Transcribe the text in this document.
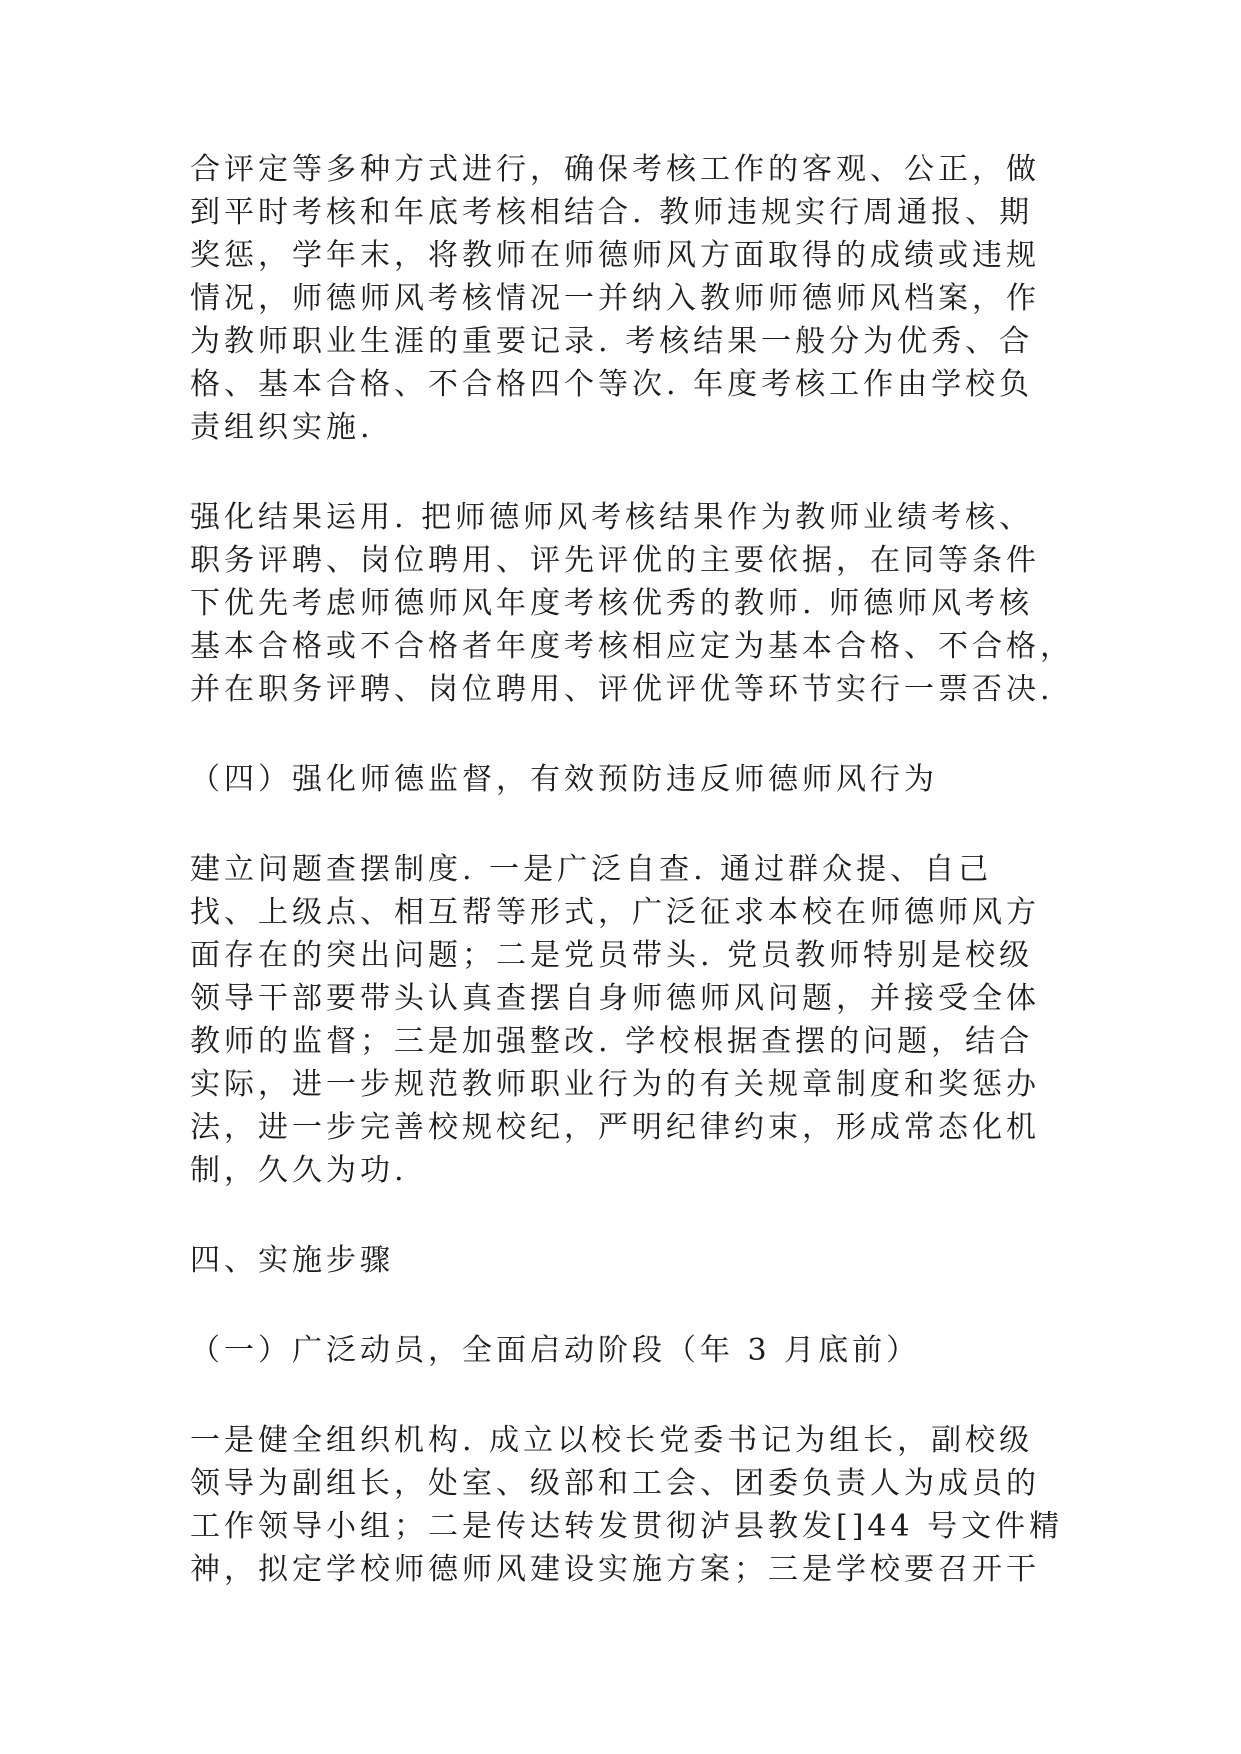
合评定等多种方式进行，确保考核工作的客观、公正，做
到平时考核和年底考核相结合. 教师违规实行周通报、期
奖惩，学年末，将教师在师德师风方面取得的成绩或违规
情况，师德师风考核情况一并纳入教师师德师风档案，作
为教师职业生涯的重要记录. 考核结果一般分为优秀、合
格、基本合格、不合格四个等次. 年度考核工作由学校负
责组织实施.
强化结果运用. 把师德师风考核结果作为教师业绩考核、
职务评聘、岗位聘用、评先评优的主要依据，在同等条件
下优先考虑师德师风年度考核优秀的教师. 师德师风考核
基本合格或不合格者年度考核相应定为基本合格、不合格，
并在职务评聘、岗位聘用、评优评优等环节实行一票否决.
（四）强化师德监督，有效预防违反师德师风行为
建立问题查摆制度. 一是广泛自查. 通过群众提、自己
找、上级点、相互帮等形式，广泛征求本校在师德师风方
面存在的突出问题；二是党员带头. 党员教师特别是校级
领导干部要带头认真查摆自身师德师风问题，并接受全体
教师的监督；三是加强整改. 学校根据查摆的问题，结合
实际，进一步规范教师职业行为的有关规章制度和奖惩办
法，进一步完善校规校纪，严明纪律约束，形成常态化机
制，久久为功.
四、实施步骤
（一）广泛动员，全面启动阶段（年 3 月底前）
一是健全组织机构. 成立以校长党委书记为组长，副校级
领导为副组长，处室、级部和工会、团委负责人为成员的
工作领导小组；二是传达转发贯彻泸县教发[]44 号文件精
神，拟定学校师德师风建设实施方案；三是学校要召开干
